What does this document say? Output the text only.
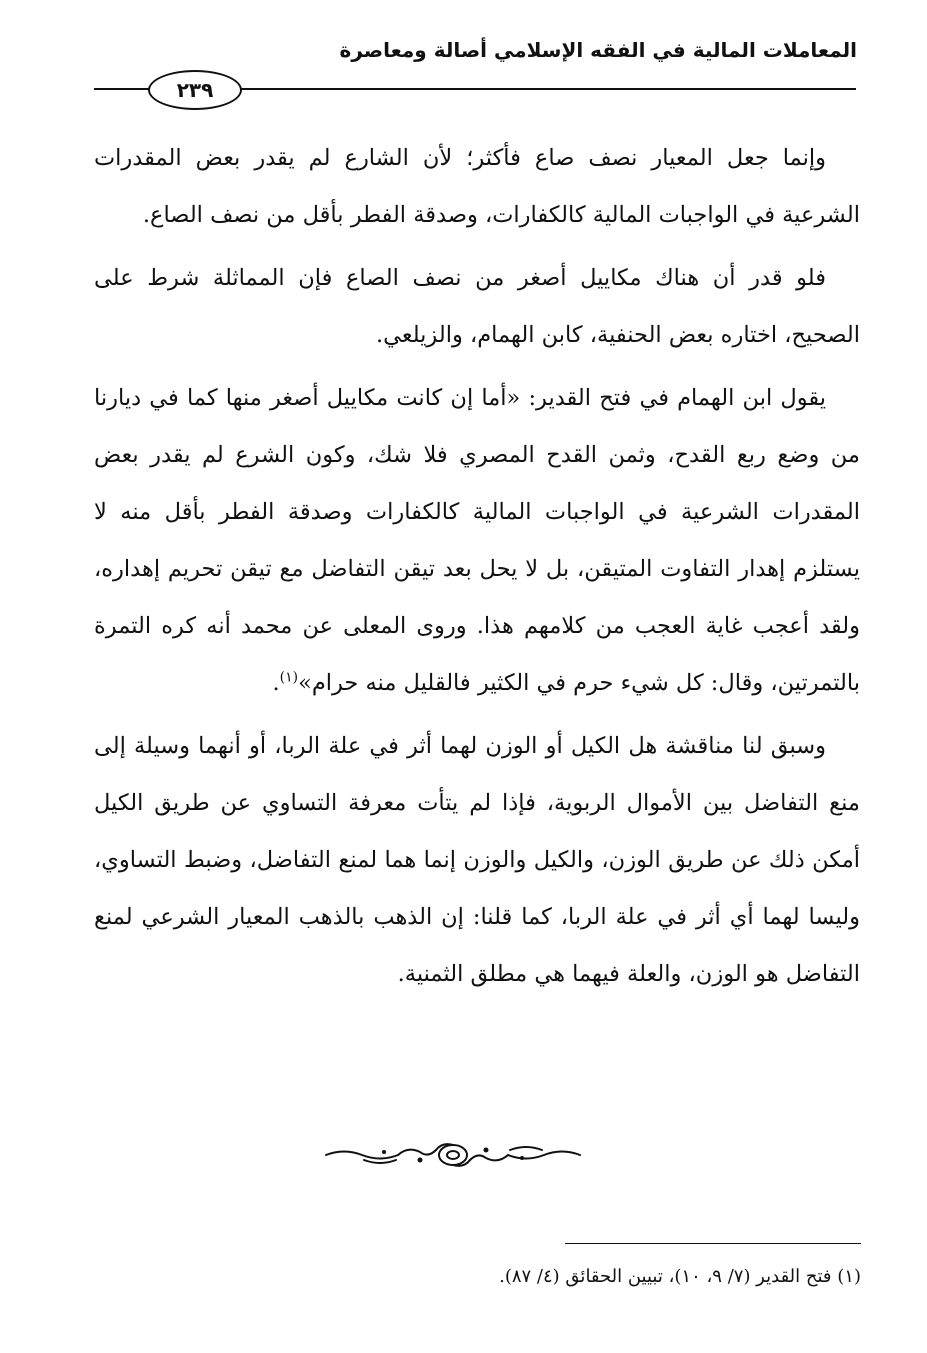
المعاملات المالية في الفقه الإسلامي أصالة ومعاصرة
٢٣٩

وإنما جعل المعيار نصف صاع فأكثر؛ لأن الشارع لم يقدر بعض المقدرات الشرعية في الواجبات المالية كالكفارات، وصدقة الفطر بأقل من نصف الصاع.

فلو قدر أن هناك مكاييل أصغر من نصف الصاع فإن المماثلة شرط على الصحيح، اختاره بعض الحنفية، كابن الهمام، والزيلعي.

يقول ابن الهمام في فتح القدير: «أما إن كانت مكاييل أصغر منها كما في ديارنا من وضع ربع القدح، وثمن القدح المصري فلا شك، وكون الشرع لم يقدر بعض المقدرات الشرعية في الواجبات المالية كالكفارات وصدقة الفطر بأقل منه لا يستلزم إهدار التفاوت المتيقن، بل لا يحل بعد تيقن التفاضل مع تيقن تحريم إهداره، ولقد أعجب غاية العجب من كلامهم هذا. وروى المعلى عن محمد أنه كره التمرة بالتمرتين، وقال: كل شيء حرم في الكثير فالقليل منه حرام»$^{(١)}$.

وسبق لنا مناقشة هل الكيل أو الوزن لهما أثر في علة الربا، أو أنهما وسيلة إلى منع التفاضل بين الأموال الربوية، فإذا لم يتأت معرفة التساوي عن طريق الكيل أمكن ذلك عن طريق الوزن، والكيل والوزن إنما هما لمنع التفاضل، وضبط التساوي، وليسا لهما أي أثر في علة الربا، كما قلنا: إن الذهب بالذهب المعيار الشرعي لمنع التفاضل هو الوزن، والعلة فيهما هي مطلق الثمنية.

(١) فتح القدير (٧/ ٩، ١٠)، تبيين الحقائق (٤/ ٨٧).
